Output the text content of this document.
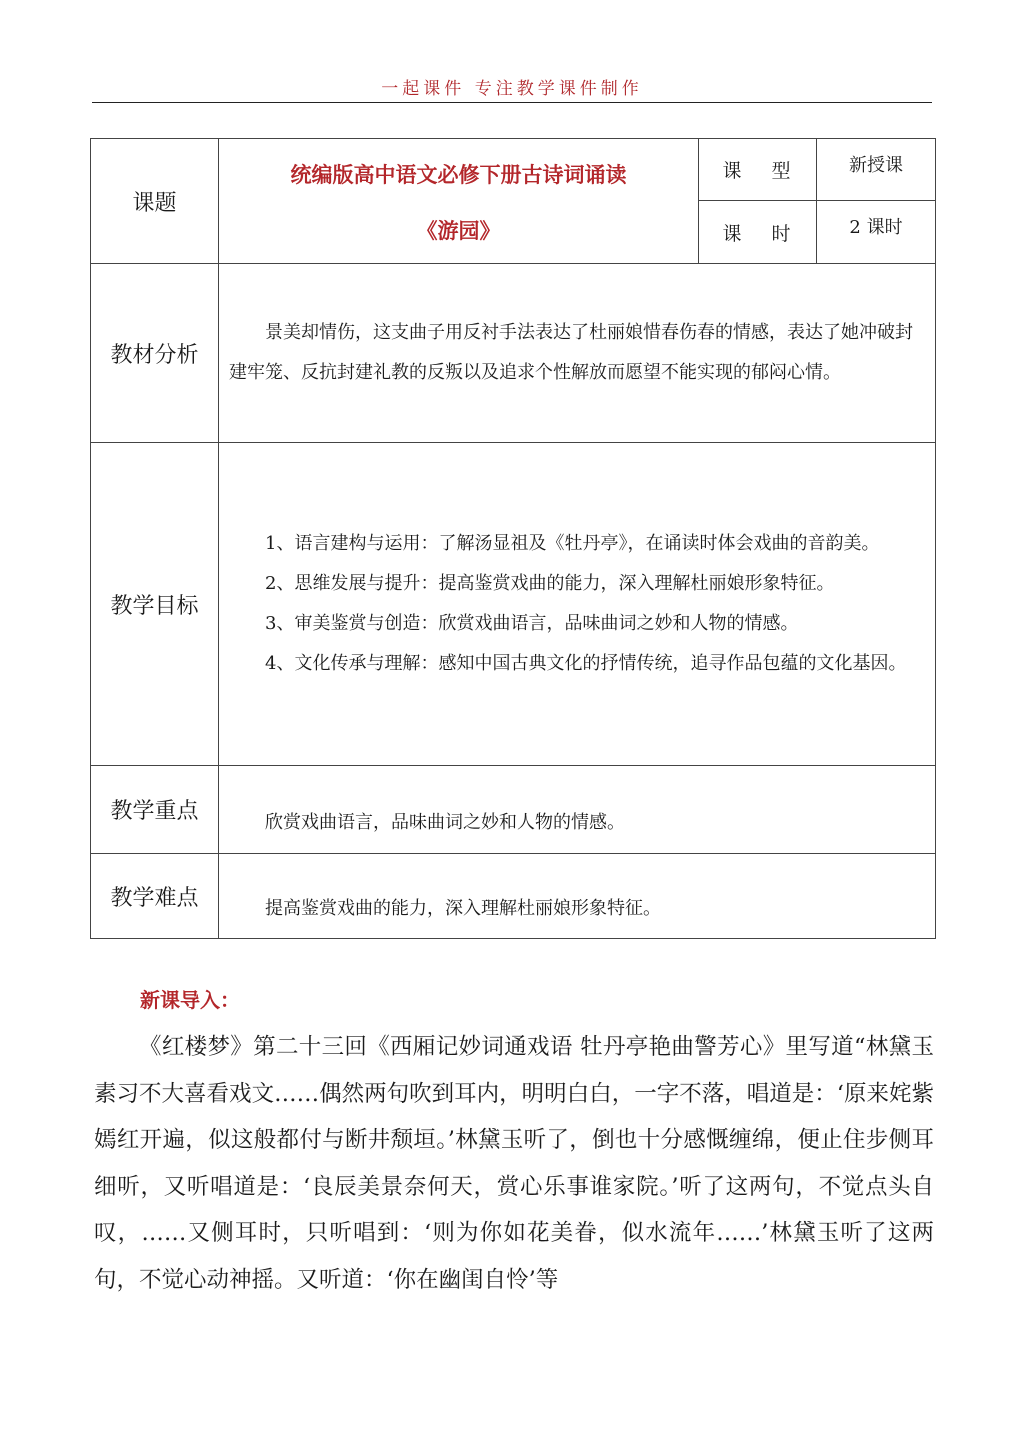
一起课件 专注教学课件制作
课题	统编版高中语文必修下册古诗词诵读
《游园》	课 型	新授课
		课 时	2 课时
教材分析	景美却情伤，这支曲子用反衬手法表达了杜丽娘惜春伤春的情感，表达了她冲破封建牢笼、反抗封建礼教的反叛以及追求个性解放而愿望不能实现的郁闷心情。		

教学目标	1、语言建构与运用：了解汤显祖及《牡丹亭》，在诵读时体会戏曲的音韵美。

2、思维发展与提升：提高鉴赏戏曲的能力，深入理解杜丽娘形象特征。

3、审美鉴赏与创造：欣赏戏曲语言，品味曲词之妙和人物的情感。

4、文化传承与理解：感知中国古典文化的抒情传统，追寻作品包蕴的文化基因。		

教学重点	欣赏戏曲语言，品味曲词之妙和人物的情感。		

教学难点	提高鉴赏戏曲的能力，深入理解杜丽娘形象特征。		

新课导入：

《红楼梦》第二十三回《西厢记妙词通戏语 牡丹亭艳曲警芳心》里写道“林黛玉素习不大喜看戏文……偶然两句吹到耳内，明明白白，一字不落，唱道是：‘原来姹紫嫣红开遍，似这般都付与断井颓垣。’林黛玉听了，倒也十分感慨缠绵，便止住步侧耳细听，又听唱道是：‘良辰美景奈何天，赏心乐事谁家院。’听了这两句，不觉点头自叹，……又侧耳时，只听唱到：‘则为你如花美眷，似水流年……’林黛玉听了这两句，不觉心动神摇。又听道：‘你在幽闺自怜’等
